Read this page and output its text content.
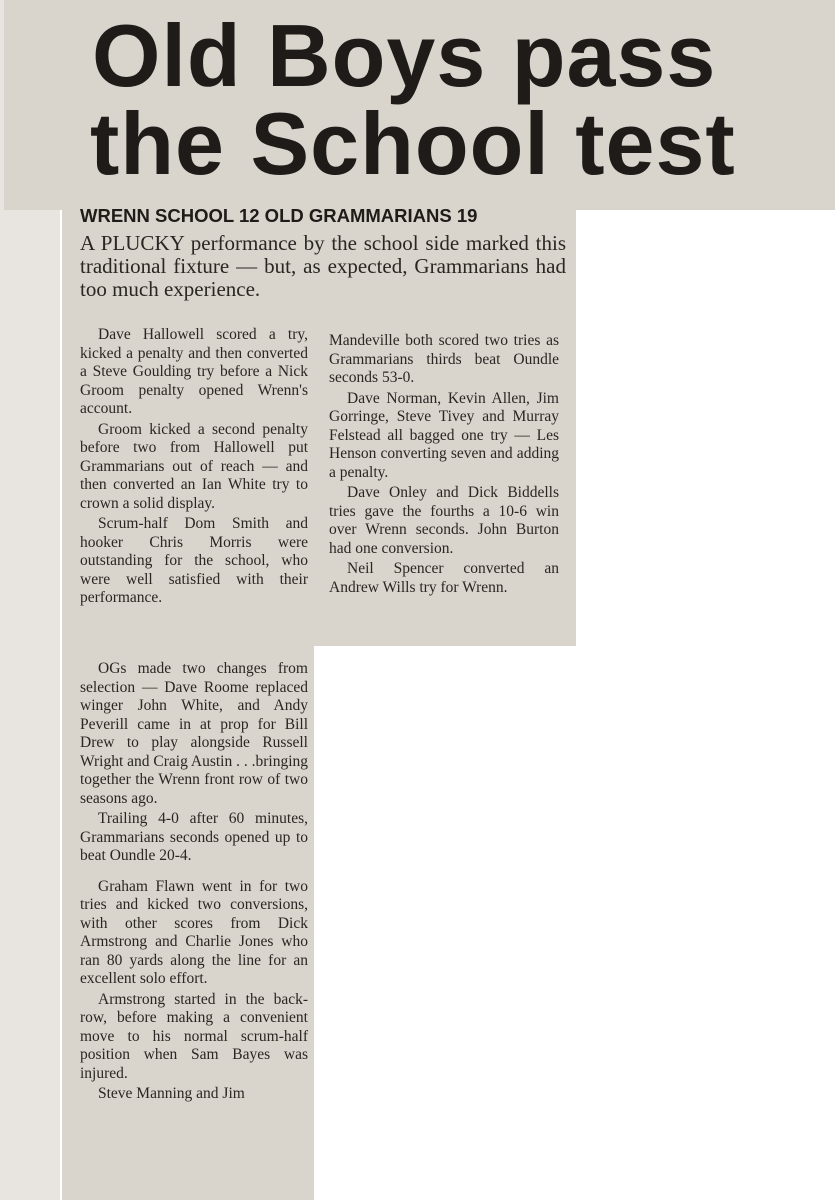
Old Boys pass
the School test
WRENN SCHOOL 12 OLD GRAMMARIANS 19

A PLUCKY performance by the school side marked this traditional fixture — but, as expected, Grammarians had too much experience.

Dave Hallowell scored a try, kicked a penalty and then converted a Steve Goulding try before a Nick Groom penalty opened Wrenn's account.

Groom kicked a second penalty before two from Hallowell put Grammarians out of reach — and then converted an Ian White try to crown a solid display.

Scrum-half Dom Smith and hooker Chris Morris were outstanding for the school, who were well satisfied with their performance.

Mandeville both scored two tries as Grammarians thirds beat Oundle seconds 53-0.

Dave Norman, Kevin Allen, Jim Gorringe, Steve Tivey and Murray Felstead all bagged one try — Les Henson converting seven and adding a penalty.

Dave Onley and Dick Biddells tries gave the fourths a 10-6 win over Wrenn seconds. John Burton had one conversion.

Neil Spencer converted an Andrew Wills try for Wrenn.

OGs made two changes from selection — Dave Roome replaced winger John White, and Andy Peverill came in at prop for Bill Drew to play alongside Russell Wright and Craig Austin . . .bringing together the Wrenn front row of two seasons ago.

Trailing 4-0 after 60 minutes, Grammarians seconds opened up to beat Oundle 20-4.

Graham Flawn went in for two tries and kicked two conversions, with other scores from Dick Armstrong and Charlie Jones who ran 80 yards along the line for an excellent solo effort.

Armstrong started in the back-row, before making a convenient move to his normal scrum-half position when Sam Bayes was injured.

Steve Manning and Jim
